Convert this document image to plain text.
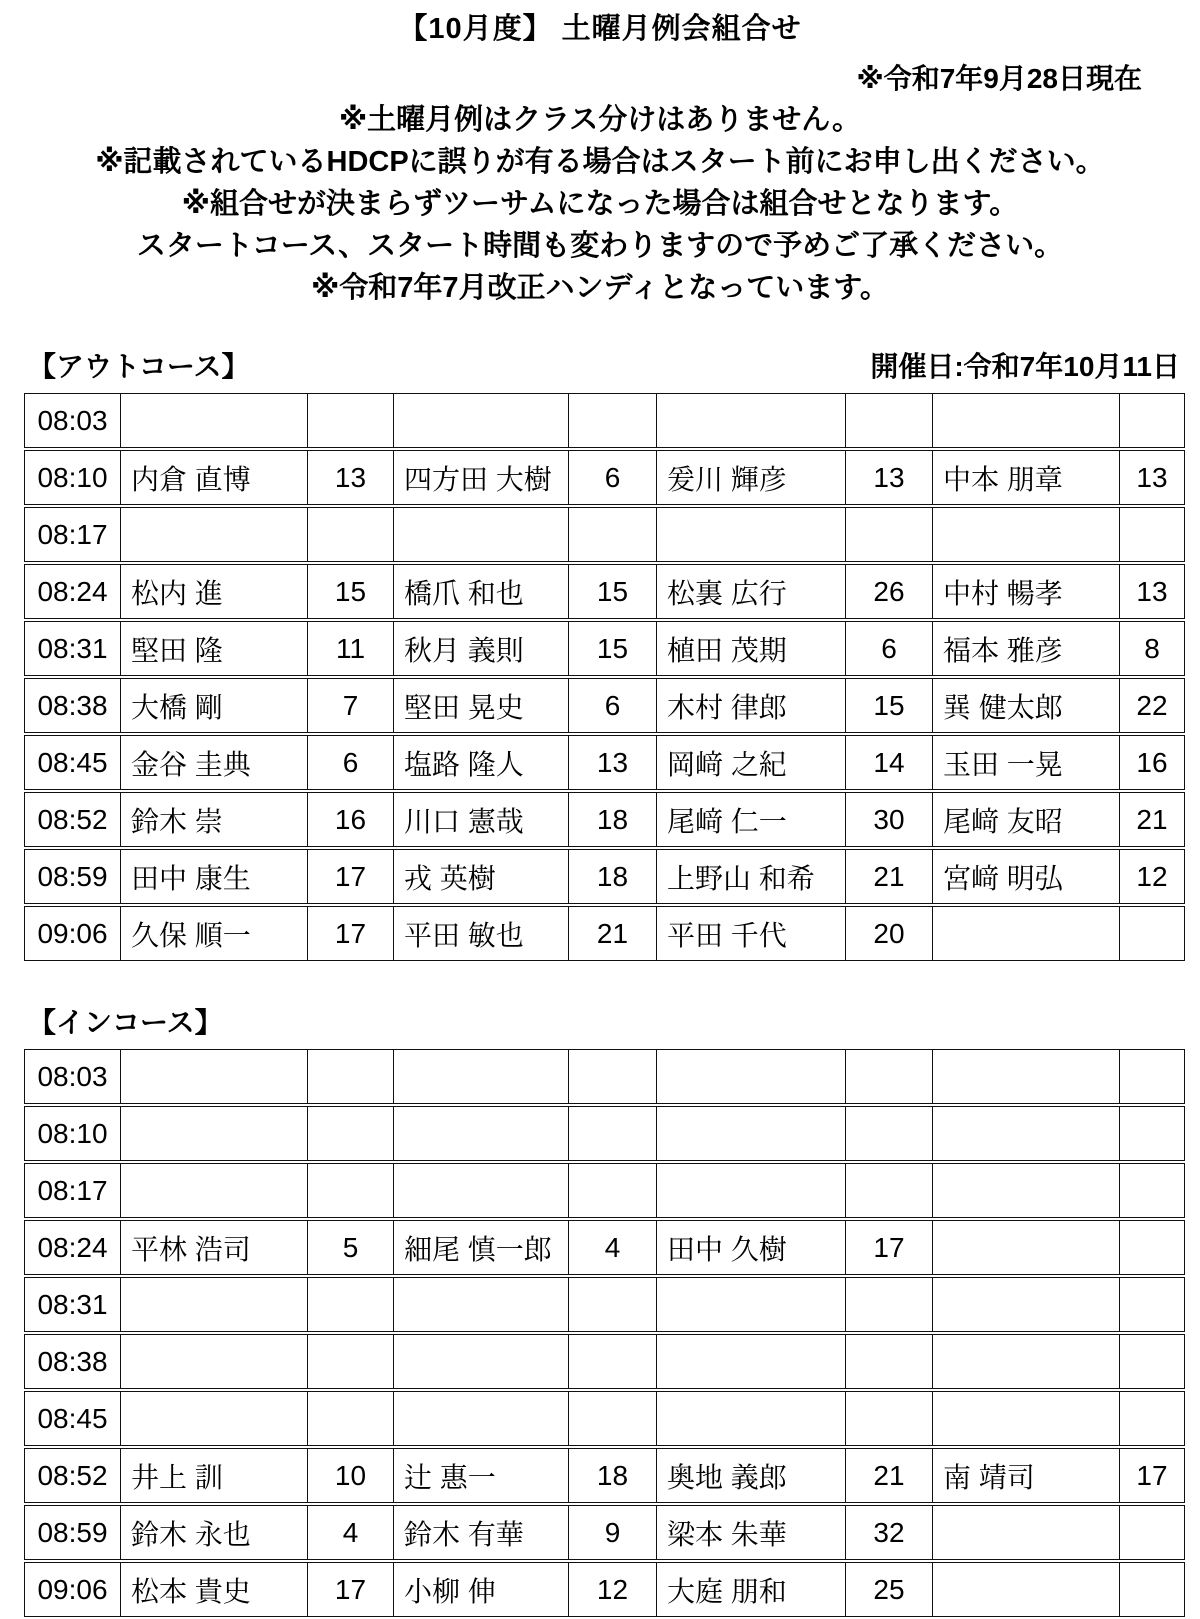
【10月度】 土曜月例会組合せ
※令和7年9月28日現在
※土曜月例はクラス分けはありません。
※記載されているHDCPに誤りが有る場合はスタート前にお申し出ください。
※組合せが決まらずツーサムになった場合は組合せとなります。
スタートコース、スタート時間も変わりますので予めご了承ください。
※令和7年7月改正ハンディとなっています。
【アウトコース】	開催日:令和7年10月11日
08:03								
08:10	内倉 直博	13	四方田 大樹	6	爰川 輝彦	13	中本 朋章	13
08:17								
08:24	松内 進	15	橋爪 和也	15	松裏 広行	26	中村 暢孝	13
08:31	堅田 隆	11	秋月 義則	15	植田 茂期	6	福本 雅彦	8
08:38	大橋 剛	7	堅田 晃史	6	木村 律郎	15	巽 健太郎	22
08:45	金谷 圭典	6	塩路 隆人	13	岡﨑 之紀	14	玉田 一晃	16
08:52	鈴木 崇	16	川口 憲哉	18	尾﨑 仁一	30	尾﨑 友昭	21
08:59	田中 康生	17	戎 英樹	18	上野山 和希	21	宮﨑 明弘	12
09:06	久保 順一	17	平田 敏也	21	平田 千代	20		
【インコース】
08:03								
08:10								
08:17								
08:24	平林 浩司	5	細尾 慎一郎	4	田中 久樹	17		
08:31								
08:38								
08:45								
08:52	井上 訓	10	辻 惠一	18	奥地 義郎	21	南 靖司	17
08:59	鈴木 永也	4	鈴木 有華	9	梁本 朱華	32		
09:06	松本 貴史	17	小柳 伸	12	大庭 朋和	25		
